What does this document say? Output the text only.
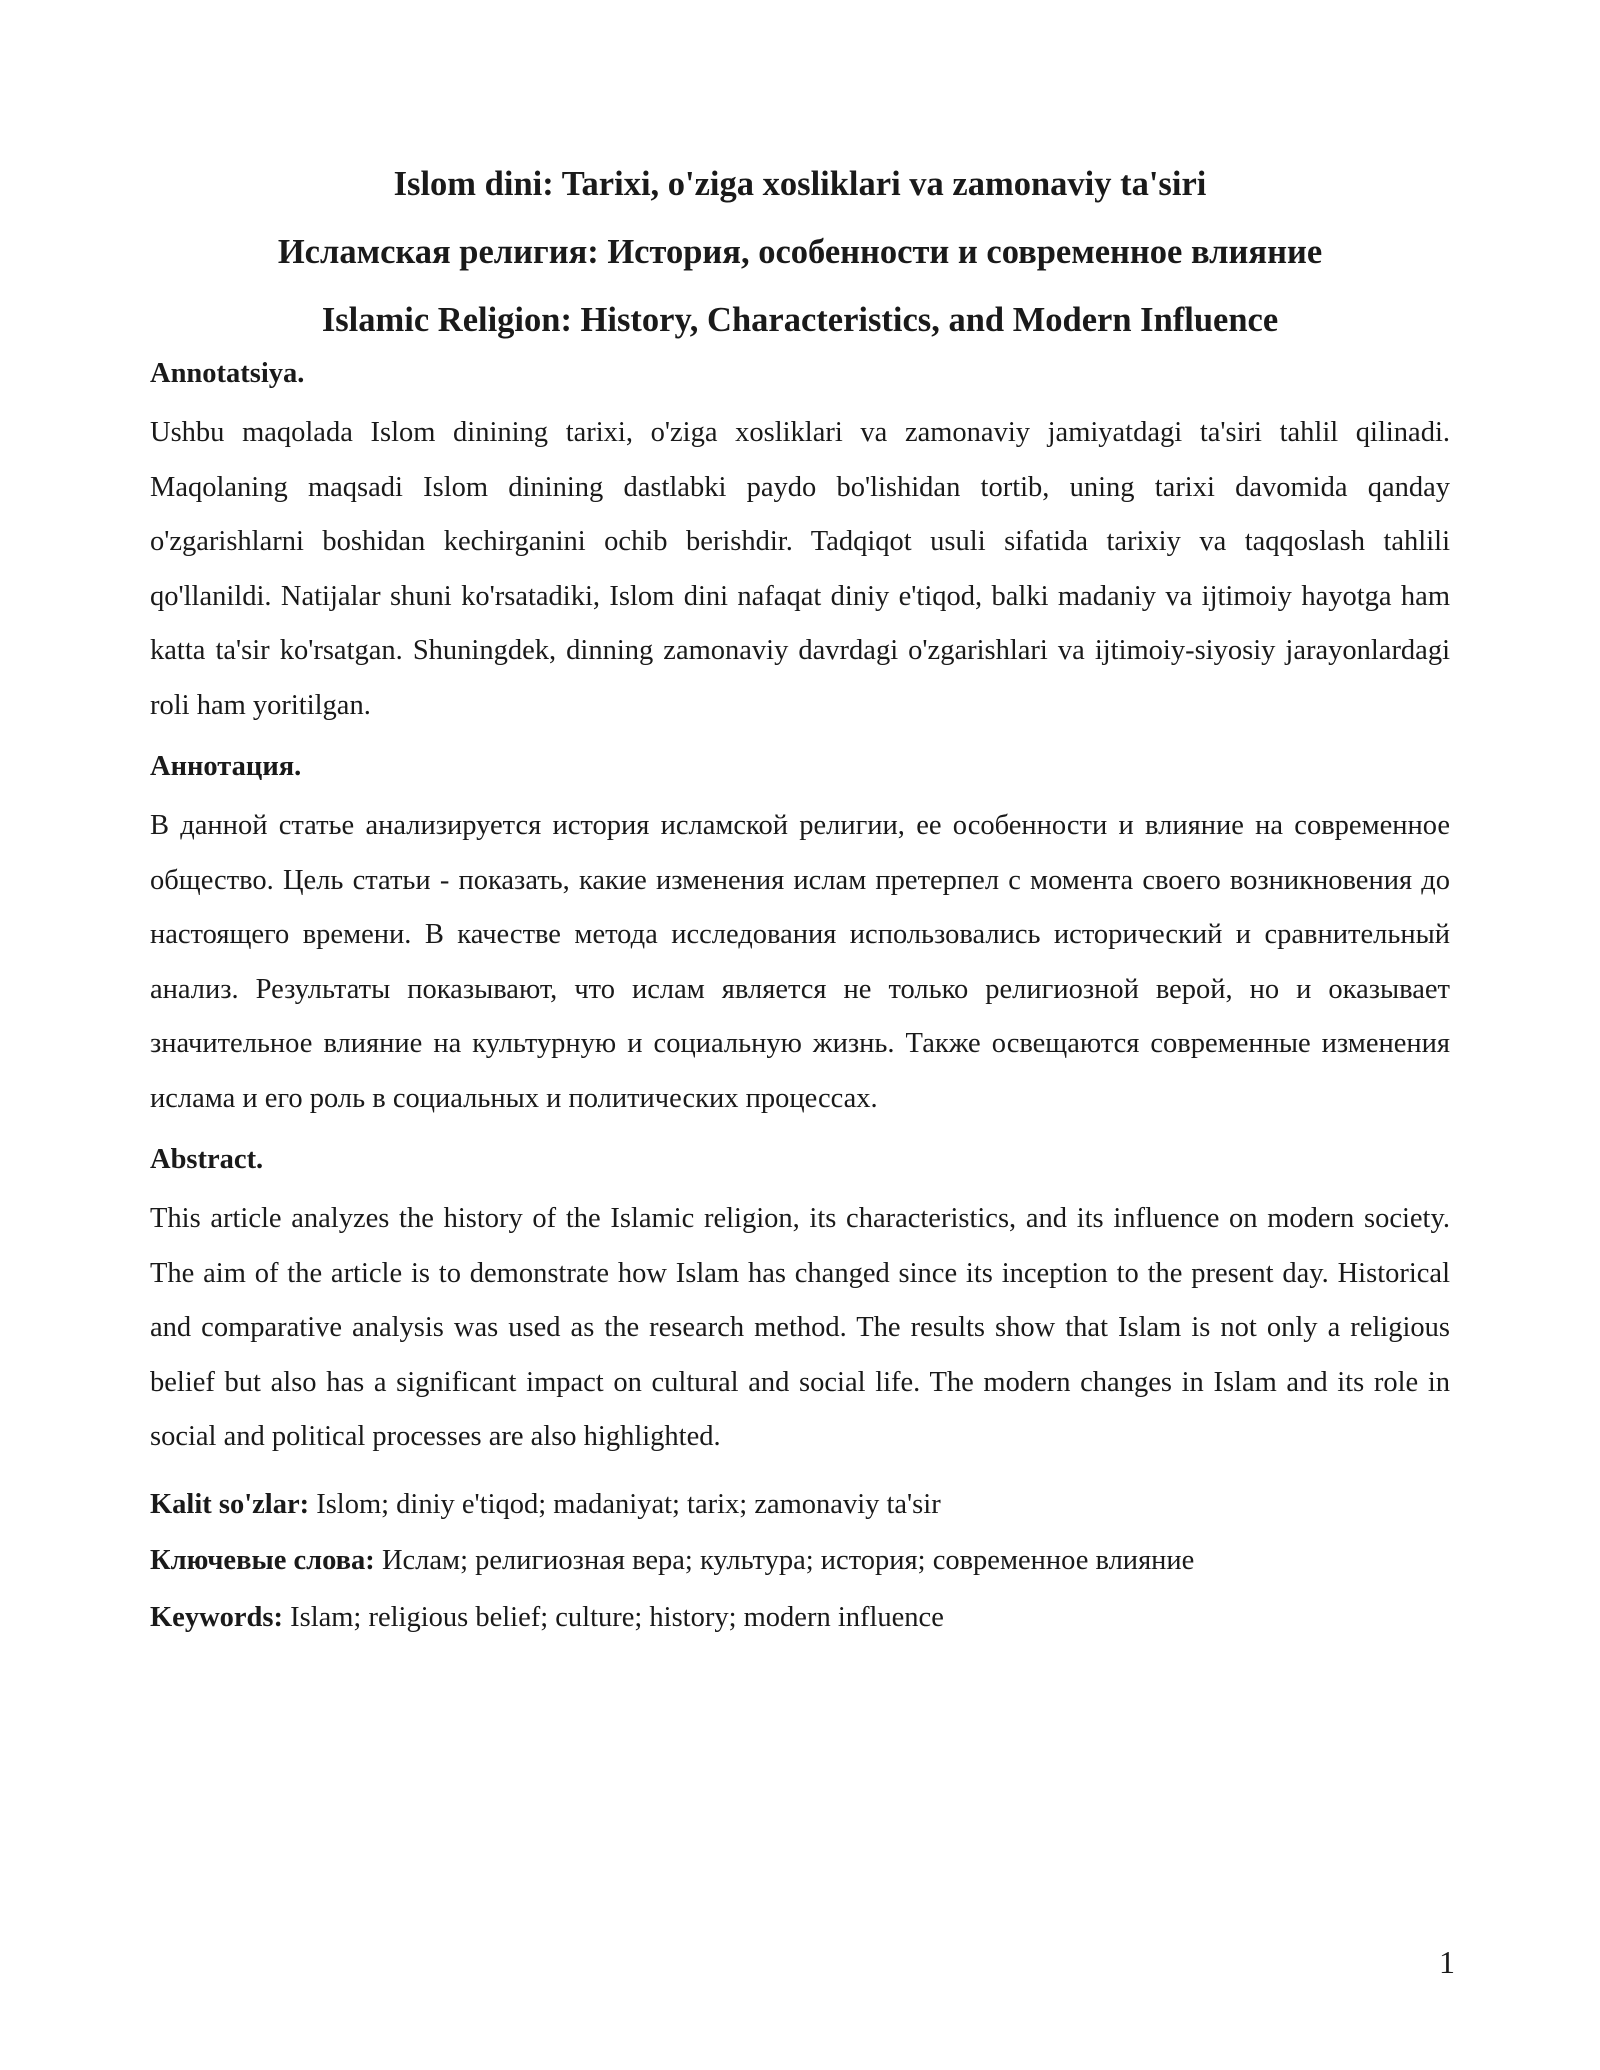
Islom dini: Tarixi, o'ziga xosliklari va zamonaviy ta'siri

Исламская религия: История, особенности и современное влияние

Islamic Religion: History, Characteristics, and Modern Influence

Annotatsiya.

Ushbu maqolada Islom dinining tarixi, o'ziga xosliklari va zamonaviy jamiyatdagi ta'siri tahlil qilinadi. Maqolaning maqsadi Islom dinining dastlabki paydo bo'lishidan tortib, uning tarixi davomida qanday o'zgarishlarni boshidan kechirganini ochib berishdir. Tadqiqot usuli sifatida tarixiy va taqqoslash tahlili qo'llanildi. Natijalar shuni ko'rsatadiki, Islom dini nafaqat diniy e'tiqod, balki madaniy va ijtimoiy hayotga ham katta ta'sir ko'rsatgan. Shuningdek, dinning zamonaviy davrdagi o'zgarishlari va ijtimoiy-siyosiy jarayonlardagi roli ham yoritilgan.

Аннотация.

В данной статье анализируется история исламской религии, ее особенности и влияние на современное общество. Цель статьи - показать, какие изменения ислам претерпел с момента своего возникновения до настоящего времени. В качестве метода исследования использовались исторический и сравнительный анализ. Результаты показывают, что ислам является не только религиозной верой, но и оказывает значительное влияние на культурную и социальную жизнь. Также освещаются современные изменения ислама и его роль в социальных и политических процессах.

Abstract.

This article analyzes the history of the Islamic religion, its characteristics, and its influence on modern society. The aim of the article is to demonstrate how Islam has changed since its inception to the present day. Historical and comparative analysis was used as the research method. The results show that Islam is not only a religious belief but also has a significant impact on cultural and social life. The modern changes in Islam and its role in social and political processes are also highlighted.

Kalit so'zlar: Islom; diniy e'tiqod; madaniyat; tarix; zamonaviy ta'sir

Ключевые слова: Ислам; религиозная вера; культура; история; современное влияние

Keywords: Islam; religious belief; culture; history; modern influence

1
